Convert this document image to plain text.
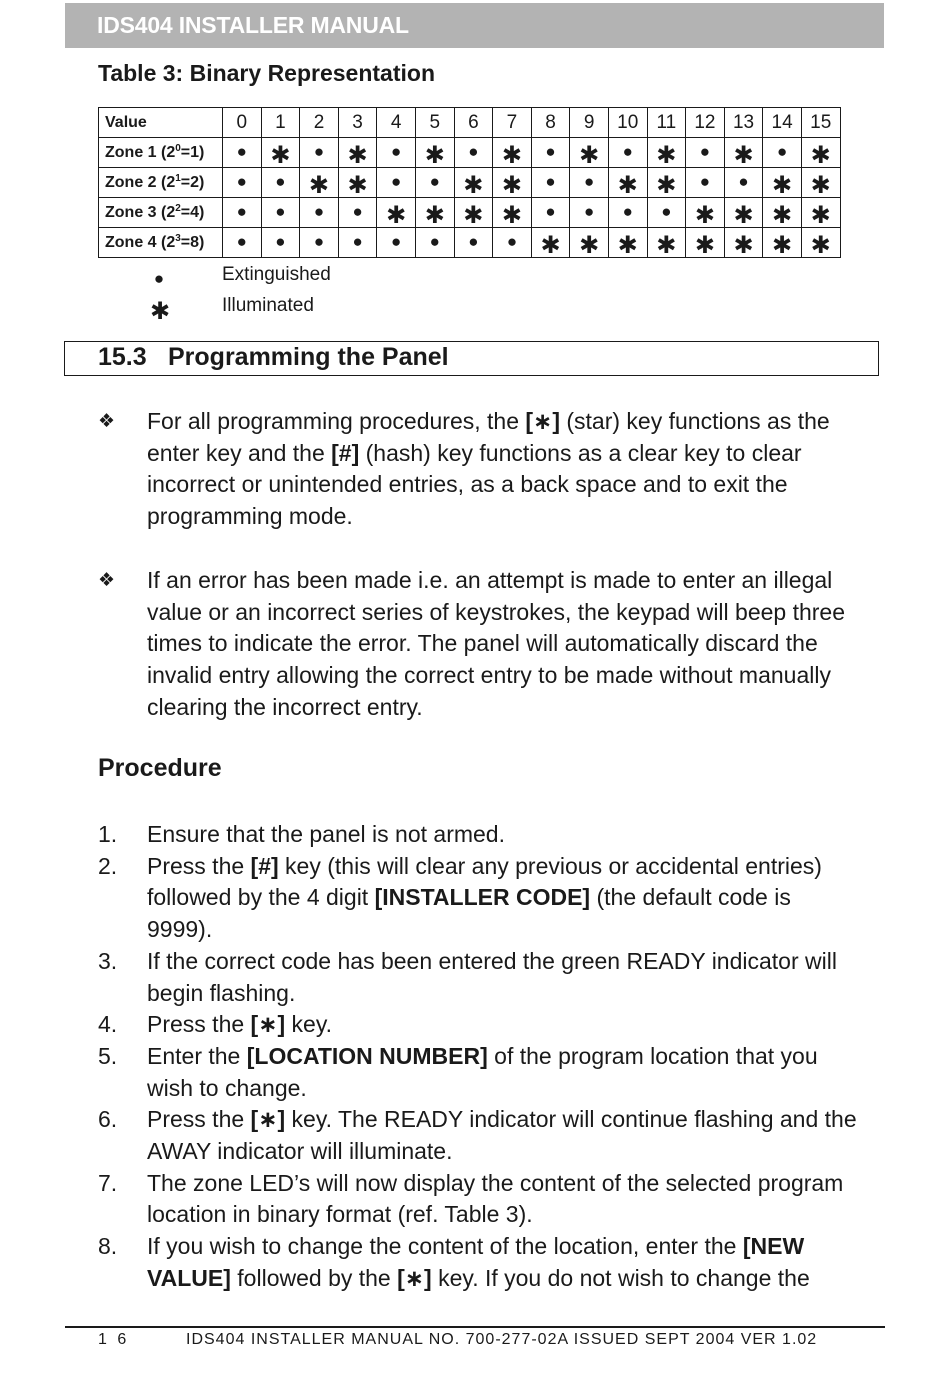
IDS404 INSTALLER MANUAL
Table 3: Binary Representation
Value	0	1	2	3	4	5	6	7	8	9	10	11	12	13	14	15
Zone 1 $(2^0=1)$	●	✱	●	✱	●	✱	●	✱	●	✱	●	✱	●	✱	●	✱
Zone 2 $(2^1=2)$	●	●	✱	✱	●	●	✱	✱	●	●	✱	✱	●	●	✱	✱
Zone 3 $(2^2=4)$	●	●	●	●	✱	✱	✱	✱	●	●	●	●	✱	✱	✱	✱
Zone 4 $(2^3=8)$	●	●	●	●	●	●	●	●	✱	✱	✱	✱	✱	✱	✱	✱
●	Extinguished
✱	Illuminated
15.3 Programming the Panel
❖ For all programming procedures, the [∗] (star) key functions as the enter key and the [#] (hash) key functions as a clear key to clear incorrect or unintended entries, as a back space and to exit the programming mode.
❖ If an error has been made i.e. an attempt is made to enter an illegal value or an incorrect series of keystrokes, the keypad will beep three times to indicate the error. The panel will automatically discard the invalid entry allowing the correct entry to be made without manually clearing the incorrect entry.
Procedure
1. Ensure that the panel is not armed.
2. Press the [#] key (this will clear any previous or accidental entries) followed by the 4 digit [INSTALLER CODE] (the default code is 9999).
3. If the correct code has been entered the green READY indicator will begin flashing.
4. Press the [∗] key.
5. Enter the [LOCATION NUMBER] of the program location that you wish to change.
6. Press the [∗] key. The READY indicator will continue flashing and the AWAY indicator will illuminate.
7. The zone LED’s will now display the content of the selected program location in binary format (ref. Table 3).
8. If you wish to change the content of the location, enter the [NEW VALUE] followed by the [∗] key. If you do not wish to change the
1 6	IDS404 INSTALLER MANUAL NO. 700-277-02A ISSUED SEPT 2004 VER 1.02
